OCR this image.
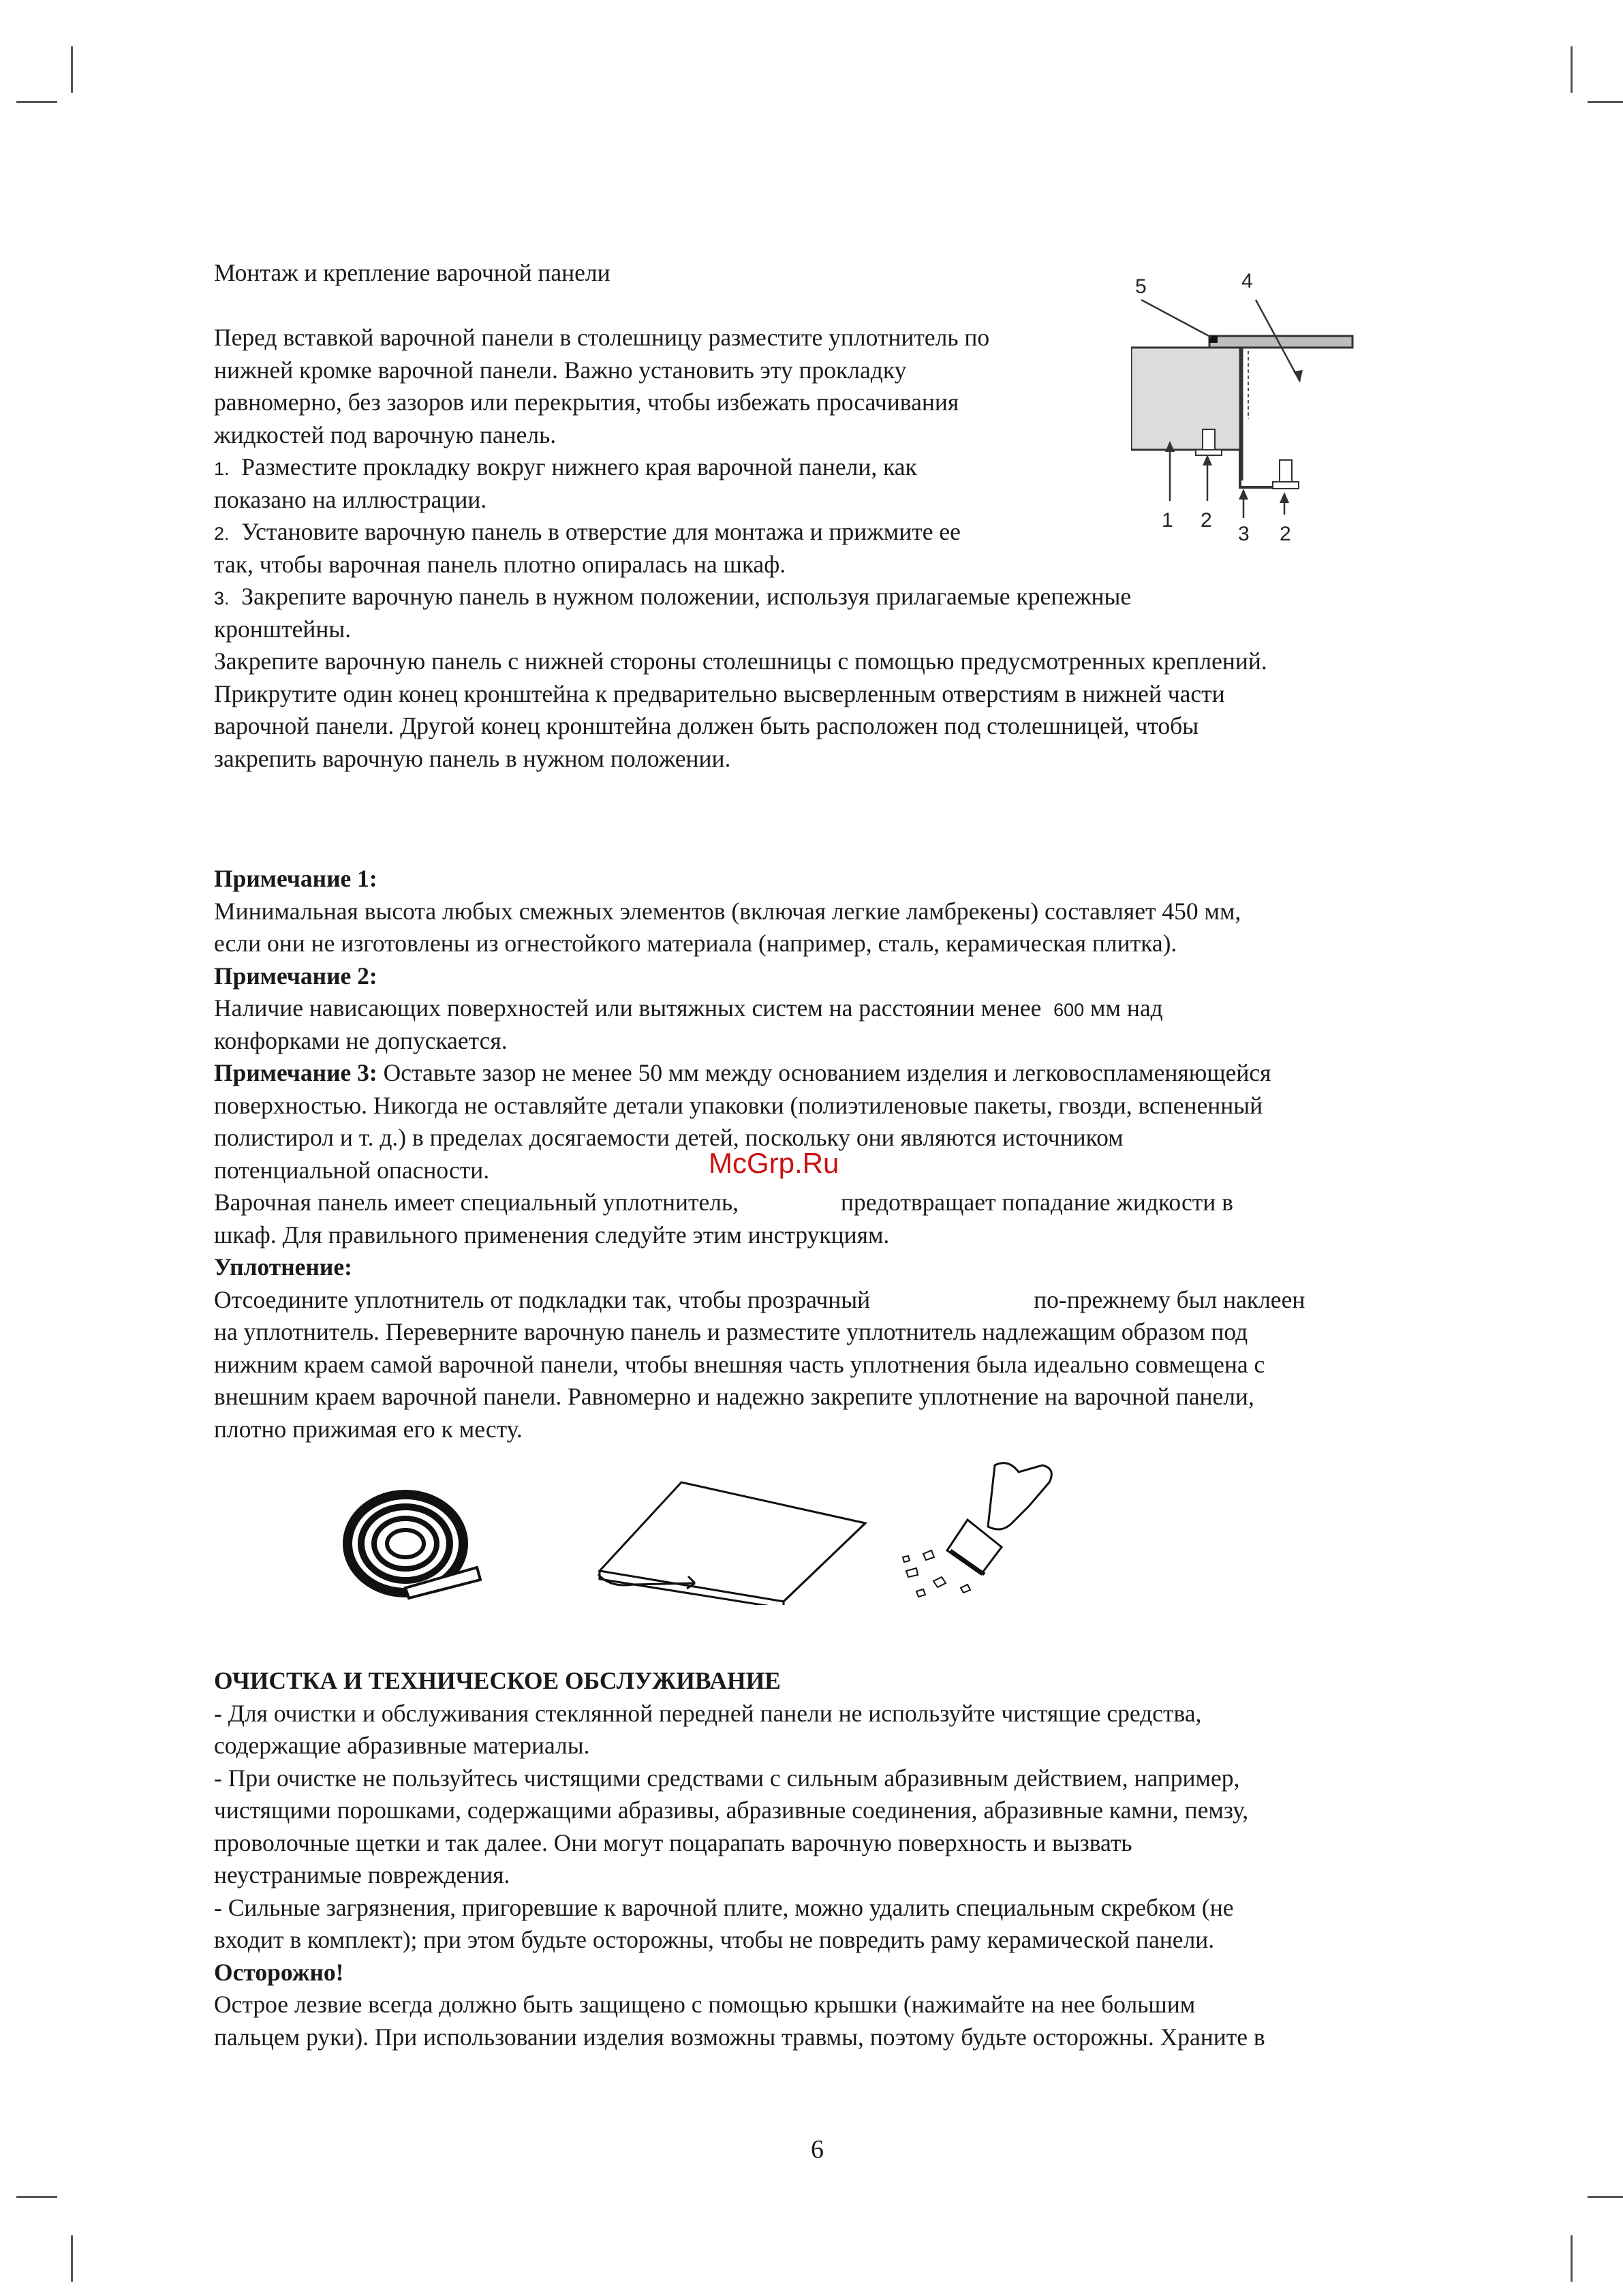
Монтаж и крепление варочной панели
Перед вставкой варочной панели в столешницу разместите уплотнитель по
нижней кромке варочной панели. Важно установить эту прокладку
равномерно, без зазоров или перекрытия, чтобы избежать просачивания
жидкостей под варочную панель.
1. Разместите прокладку вокруг нижнего края варочной панели, как
показано на иллюстрации.
2. Установите варочную панель в отверстие для монтажа и прижмите ее
так, чтобы варочная панель плотно опиралась на шкаф.
3. Закрепите варочную панель в нужном положении, используя прилагаемые крепежные
кронштейны.
Закрепите варочную панель с нижней стороны столешницы с помощью предусмотренных креплений.
Прикрутите один конец кронштейна к предварительно высверленным отверстиям в нижней части
варочной панели. Другой конец кронштейна должен быть расположен под столешницей, чтобы
закрепить варочную панель в нужном положении.
5	4
1 2
3 2
Примечание 1:
Минимальная высота любых смежных элементов (включая легкие ламбрекены) составляет 450 мм,
если они не изготовлены из огнестойкого материала (например, сталь, керамическая плитка).
Примечание 2:
Наличие нависающих поверхностей или вытяжных систем на расстоянии менее 600 мм над
конфорками не допускается.
Примечание 3: Оставьте зазор не менее 50 мм между основанием изделия и легковоспламеняющейся
поверхностью. Никогда не оставляйте детали упаковки (полиэтиленовые пакеты, гвозди, вспененный
полистирол и т. д.) в пределах досягаемости детей, поскольку они являются источником
потенциальной опасности.
Варочная панель имеет специальный уплотнитель,	предотвращает попадание жидкости в
шкаф. Для правильного применения следуйте этим инструкциям.
Уплотнение:
Отсоедините уплотнитель от подкладки так, чтобы прозрачный	по-прежнему был наклеен
на уплотнитель. Переверните варочную панель и разместите уплотнитель надлежащим образом под
нижним краем самой варочной панели, чтобы внешняя часть уплотнения была идеально совмещена с
внешним краем варочной панели. Равномерно и надежно закрепите уплотнение на варочной панели,
плотно прижимая его к месту.
McGrp.Ru
ОЧИСТКА И ТЕХНИЧЕСКОЕ ОБСЛУЖИВАНИЕ
- Для очистки и обслуживания стеклянной передней панели не используйте чистящие средства,
содержащие абразивные материалы.
- При очистке не пользуйтесь чистящими средствами с сильным абразивным действием, например,
чистящими порошками, содержащими абразивы, абразивные соединения, абразивные камни, пемзу,
проволочные щетки и так далее. Они могут поцарапать варочную поверхность и вызвать
неустранимые повреждения.
- Сильные загрязнения, пригоревшие к варочной плите, можно удалить специальным скребком (не
входит в комплект); при этом будьте осторожны, чтобы не повредить раму керамической панели.
Осторожно!
Острое лезвие всегда должно быть защищено с помощью крышки (нажимайте на нее большим
пальцем руки). При использовании изделия возможны травмы, поэтому будьте осторожны. Храните в
6
